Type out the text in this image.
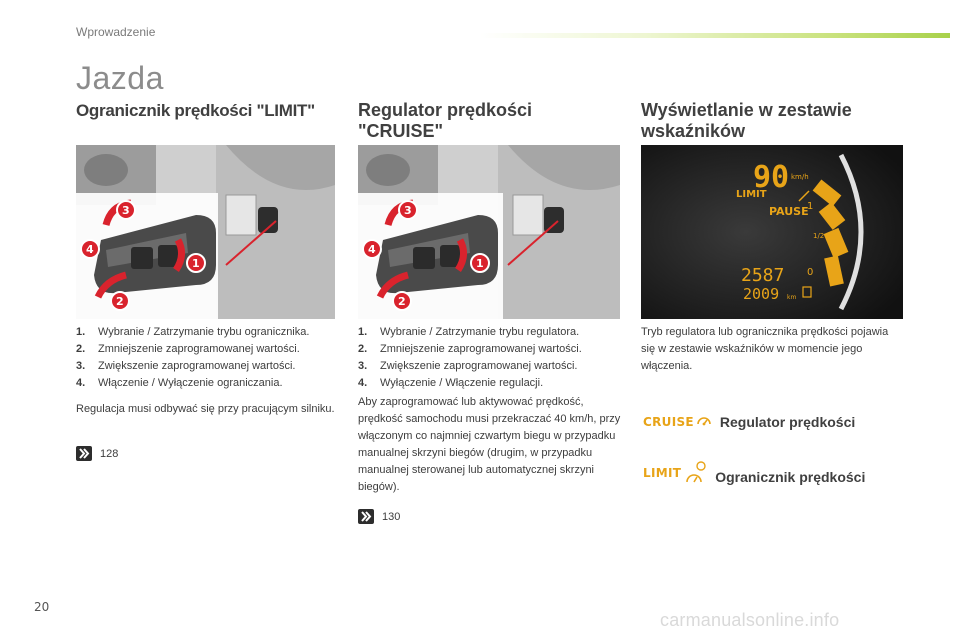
Wprowadzenie
Jazda
Ogranicznik prędkości "LIMIT"
3
4
1
2
1.	Wybranie / Zatrzymanie trybu ogranicznika.
2.	Zmniejszenie zaprogramowanej wartości.
3.	Zwiększenie zaprogramowanej wartości.
4.	Włączenie / Wyłączenie ograniczania.

Regulacja musi odbywać się przy pracującym silniku.

128
Regulator prędkości
"CRUISE"
3
4
1
2
1.	Wybranie / Zatrzymanie trybu regulatora.
2.	Zmniejszenie zaprogramowanej wartości.
3.	Zwiększenie zaprogramowanej wartości.
4.	Wyłączenie / Włączenie regulacji.

Aby zaprogramować lub aktywować prędkość, prędkość samochodu musi przekraczać 40 km/h, przy włączonym co najmniej czwartym biegu w przypadku manualnej skrzyni biegów (drugim, w przypadku manualnej sterowanej lub automatycznej skrzyni biegów).

130
Wyświetlanie w zestawie
wskaźników
90 km/h
LIMIT
PAUSE
1
1/2
0
2587
2009 km

Tryb regulatora lub ogranicznika prędkości pojawia się w zestawie wskaźników w momencie jego włączenia.

CRUISE Regulator prędkości
LIMIT Ogranicznik prędkości
20
carmanualsonline.info
